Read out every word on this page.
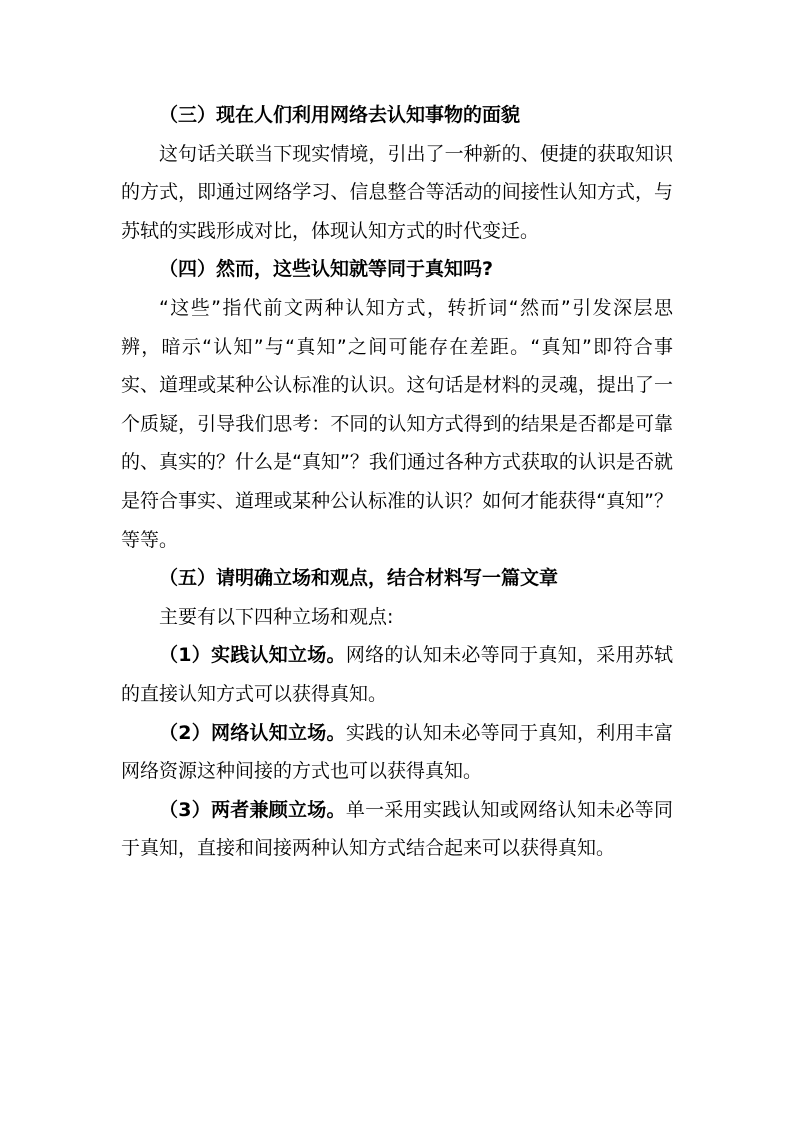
（三）现在人们利用网络去认知事物的面貌

这句话关联当下现实情境，引出了一种新的、便捷的获取知识的方式，即通过网络学习、信息整合等活动的间接性认知方式，与苏轼的实践形成对比，体现认知方式的时代变迁。

（四）然而，这些认知就等同于真知吗?

“这些”指代前文两种认知方式，转折词“然而”引发深层思辨，暗示“认知”与“真知”之间可能存在差距。“真知”即符合事实、道理或某种公认标准的认识。这句话是材料的灵魂，提出了一个质疑，引导我们思考：不同的认知方式得到的结果是否都是可靠的、真实的？什么是“真知”？我们通过各种方式获取的认识是否就是符合事实、道理或某种公认标准的认识？如何才能获得“真知”？等等。

（五）请明确立场和观点，结合材料写一篇文章

主要有以下四种立场和观点:

（1）实践认知立场。网络的认知未必等同于真知，采用苏轼的直接认知方式可以获得真知。

（2）网络认知立场。实践的认知未必等同于真知，利用丰富网络资源这种间接的方式也可以获得真知。

（3）两者兼顾立场。单一采用实践认知或网络认知未必等同于真知，直接和间接两种认知方式结合起来可以获得真知。
